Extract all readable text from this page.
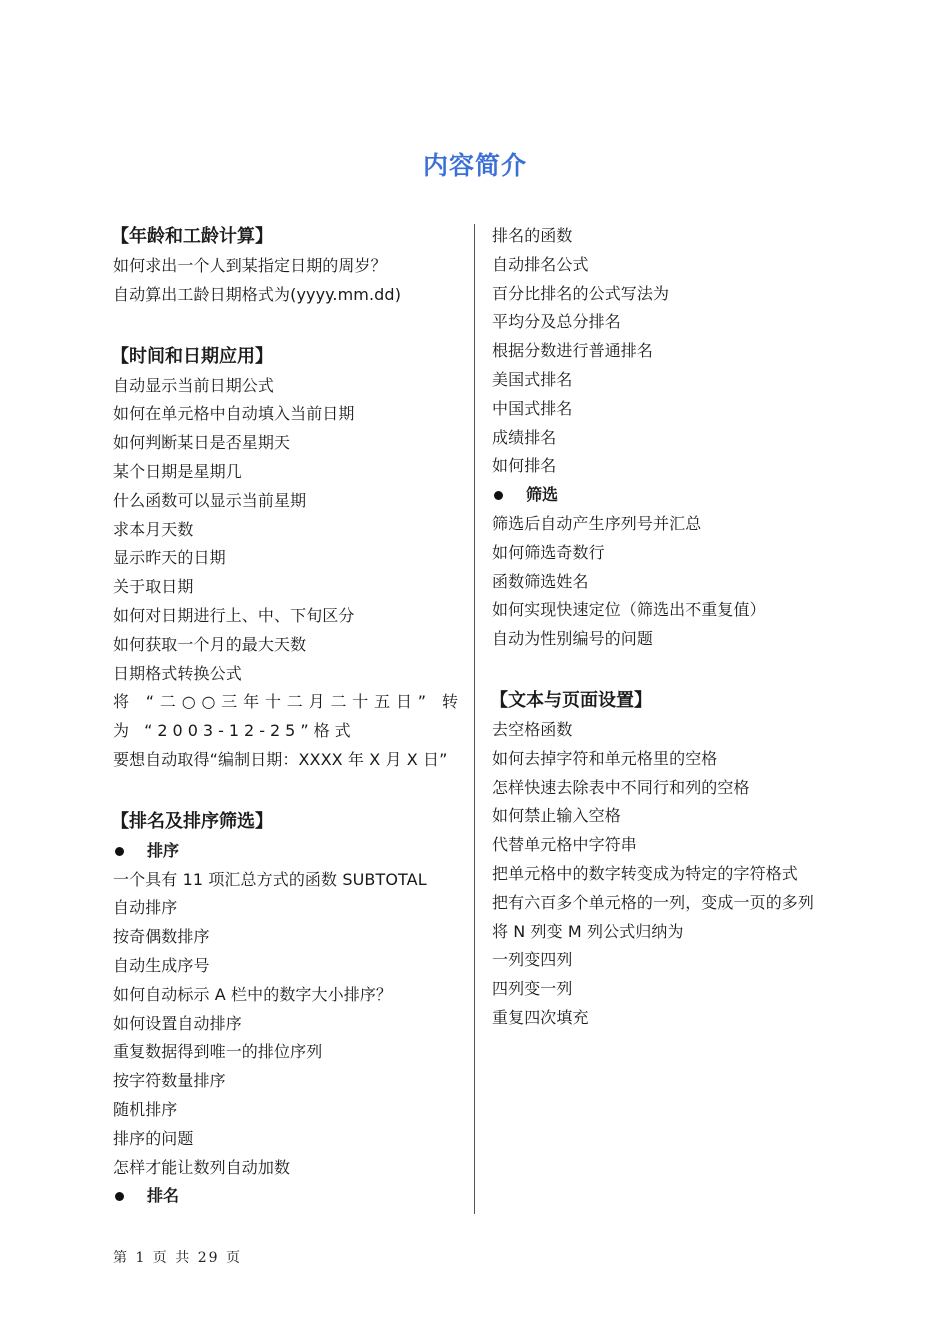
内容简介
【年龄和工龄计算】
如何求出一个人到某指定日期的周岁？
自动算出工龄日期格式为(yyyy.mm.dd)
【时间和日期应用】
自动显示当前日期公式
如何在单元格中自动填入当前日期
如何判断某日是否星期天
某个日期是星期几
什么函数可以显示当前星期
求本月天数
显示昨天的日期
关于取日期
如何对日期进行上、中、下旬区分
如何获取一个月的最大天数
日期格式转换公式
将 “二○○三年十二月二十五日” 转为 “2003-12-25”格式
要想自动取得“编制日期：XXXX 年 X 月 X 日”
【排名及排序筛选】
排序
一个具有 11 项汇总方式的函数 SUBTOTAL
自动排序
按奇偶数排序
自动生成序号
如何自动标示 A 栏中的数字大小排序？
如何设置自动排序
重复数据得到唯一的排位序列
按字符数量排序
随机排序
排序的问题
怎样才能让数列自动加数
排名
排名的函数
自动排名公式
百分比排名的公式写法为
平均分及总分排名
根据分数进行普通排名
美国式排名
中国式排名
成绩排名
如何排名
筛选
筛选后自动产生序列号并汇总
如何筛选奇数行
函数筛选姓名
如何实现快速定位（筛选出不重复值）
自动为性别编号的问题
【文本与页面设置】
去空格函数
如何去掉字符和单元格里的空格
怎样快速去除表中不同行和列的空格
如何禁止输入空格
代替单元格中字符串
把单元格中的数字转变成为特定的字符格式
把有六百多个单元格的一列，变成一页的多列
将 N 列变 M 列公式归纳为
一列变四列
四列变一列
重复四次填充
第 1 页 共 29 页
